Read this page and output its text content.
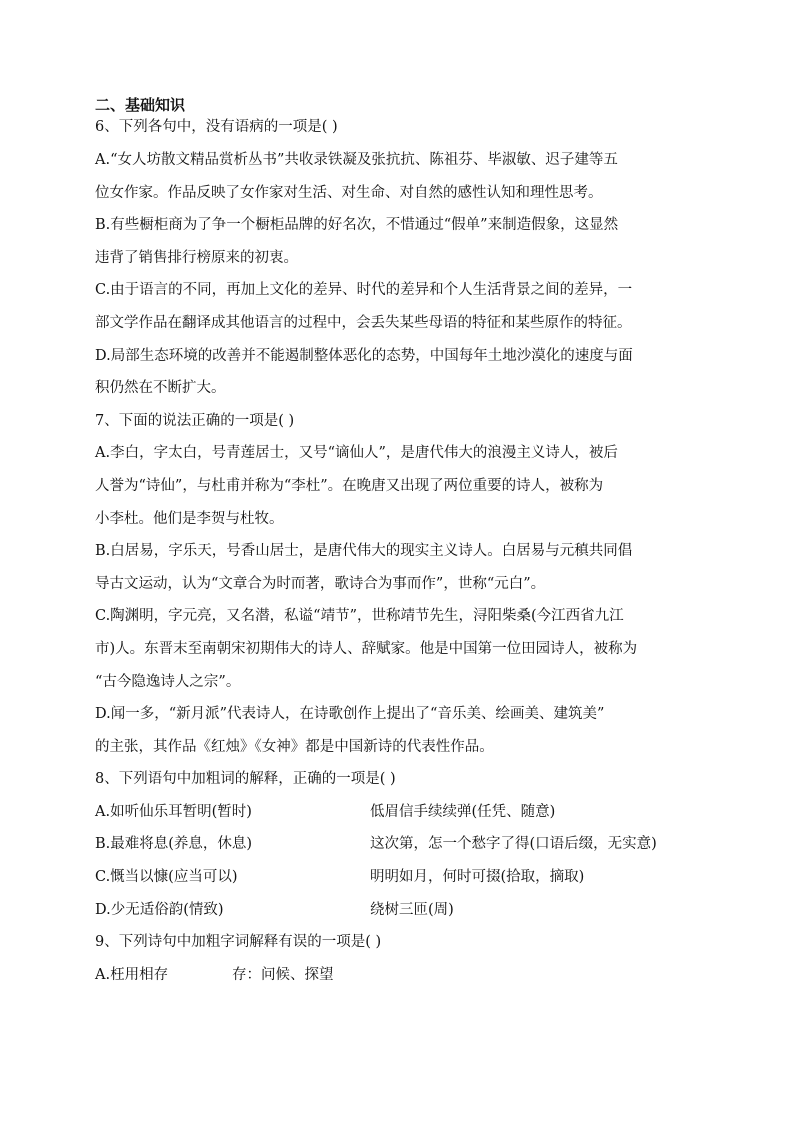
二、基础知识
6、下列各句中，没有语病的一项是( )
A.“女人坊散文精品赏析丛书”共收录铁凝及张抗抗、陈祖芬、毕淑敏、迟子建等五
位女作家。作品反映了女作家对生活、对生命、对自然的感性认知和理性思考。
B.有些橱柜商为了争一个橱柜品牌的好名次，不惜通过“假单”来制造假象，这显然
违背了销售排行榜原来的初衷。
C.由于语言的不同，再加上文化的差异、时代的差异和个人生活背景之间的差异，一
部文学作品在翻译成其他语言的过程中，会丢失某些母语的特征和某些原作的特征。
D.局部生态环境的改善并不能遏制整体恶化的态势，中国每年土地沙漠化的速度与面
积仍然在不断扩大。
7、下面的说法正确的一项是( )
A.李白，字太白，号青莲居士，又号“谪仙人”，是唐代伟大的浪漫主义诗人，被后
人誉为“诗仙”，与杜甫并称为“李杜”。在晚唐又出现了两位重要的诗人，被称为
小李杜。他们是李贺与杜牧。
B.白居易，字乐天，号香山居士，是唐代伟大的现实主义诗人。白居易与元稹共同倡
导古文运动，认为“文章合为时而著，歌诗合为事而作”，世称“元白”。
C.陶渊明，字元亮，又名潜，私谥“靖节”，世称靖节先生，浔阳柴桑(今江西省九江
市)人。东晋末至南朝宋初期伟大的诗人、辞赋家。他是中国第一位田园诗人，被称为
“古今隐逸诗人之宗”。
D.闻一多，“新月派”代表诗人，在诗歌创作上提出了“音乐美、绘画美、建筑美”
的主张，其作品《红烛》《女神》都是中国新诗的代表性作品。
8、下列语句中加粗词的解释，正确的一项是( )
A.如听仙乐耳暂明(暂时)	低眉信手续续弹(任凭、随意)
B.最难将息(养息，休息)	这次第，怎一个愁字了得(口语后缀，无实意)
C.慨当以慷(应当可以)	明明如月，何时可掇(拾取，摘取)
D.少无适俗韵(情致)	绕树三匝(周)
9、下列诗句中加粗字词解释有误的一项是( )
A.枉用相存	存：问候、探望
